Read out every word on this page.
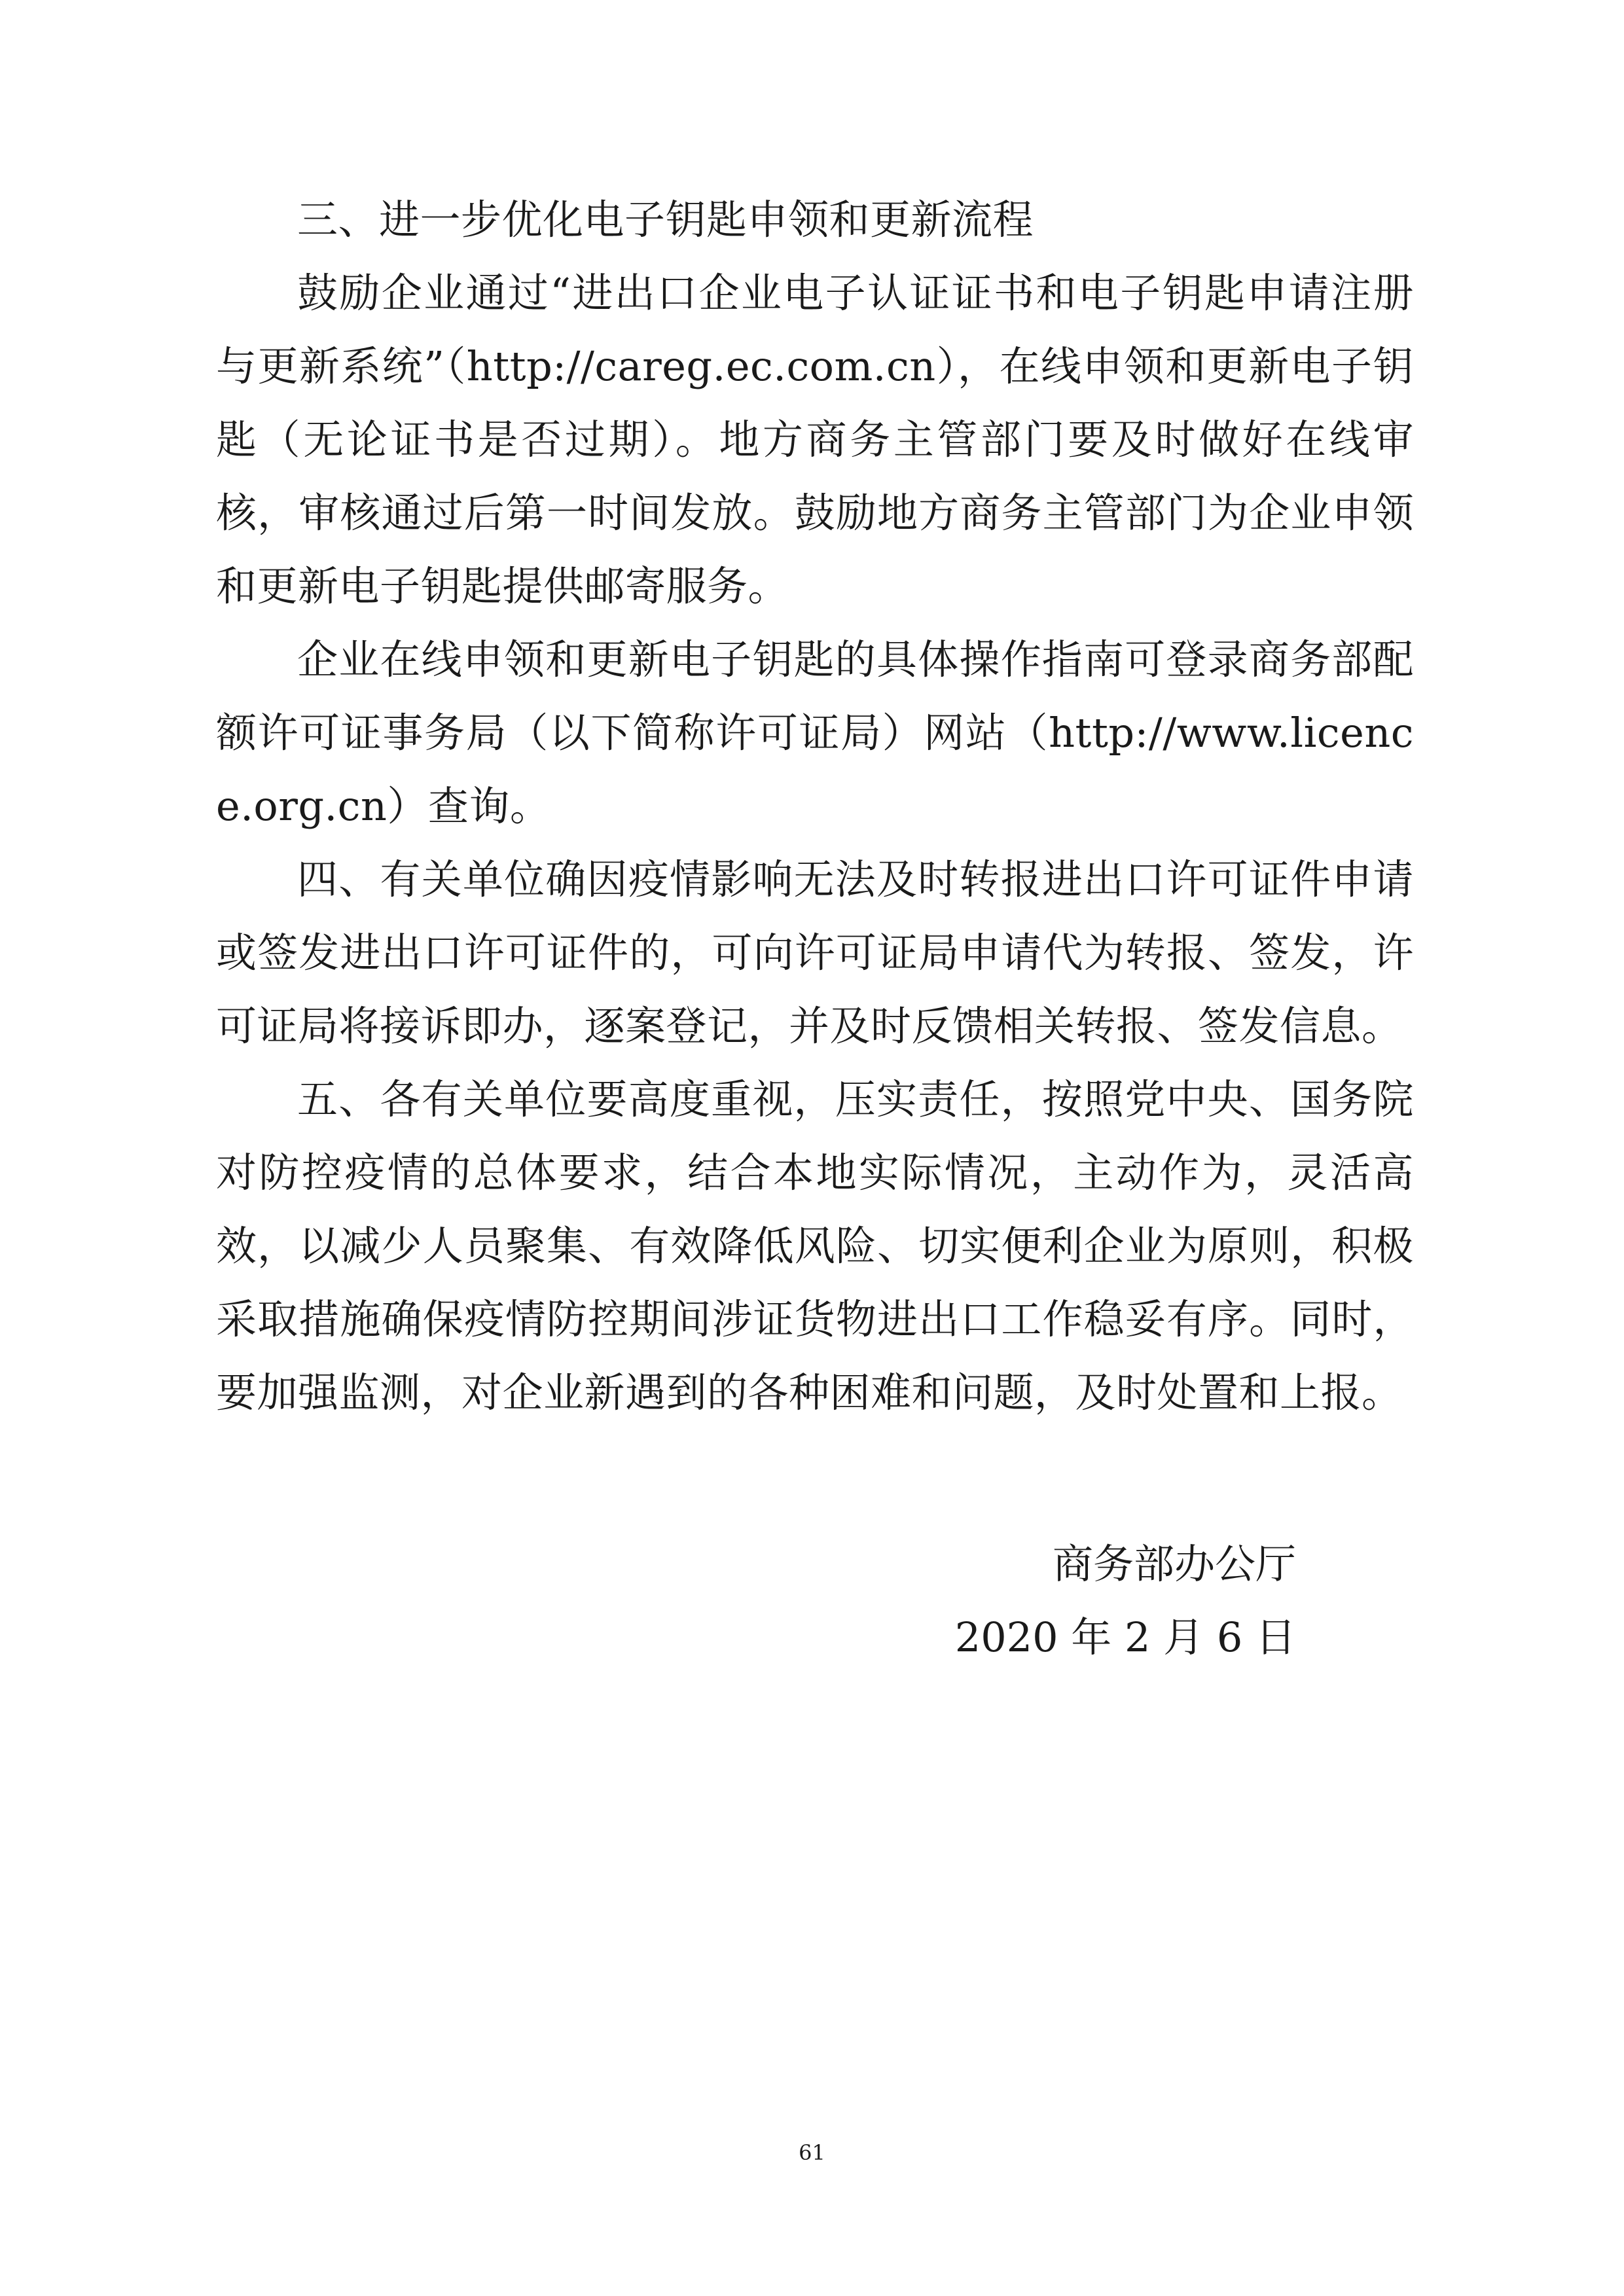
三、进一步优化电子钥匙申领和更新流程

鼓励企业通过“进出口企业电子认证证书和电子钥匙申请注册与更新系统”（http://careg.ec.com.cn），在线申领和更新电子钥匙（无论证书是否过期）。地方商务主管部门要及时做好在线审核，审核通过后第一时间发放。鼓励地方商务主管部门为企业申领和更新电子钥匙提供邮寄服务。

企业在线申领和更新电子钥匙的具体操作指南可登录商务部配额许可证事务局（以下简称许可证局）网站（http://www.licence.org.cn）查询。

四、有关单位确因疫情影响无法及时转报进出口许可证件申请或签发进出口许可证件的，可向许可证局申请代为转报、签发，许可证局将接诉即办，逐案登记，并及时反馈相关转报、签发信息。

五、各有关单位要高度重视，压实责任，按照党中央、国务院对防控疫情的总体要求，结合本地实际情况，主动作为，灵活高效，以减少人员聚集、有效降低风险、切实便利企业为原则，积极采取措施确保疫情防控期间涉证货物进出口工作稳妥有序。同时，要加强监测，对企业新遇到的各种困难和问题，及时处置和上报。

商务部办公厅
2020 年 2 月 6 日
61
